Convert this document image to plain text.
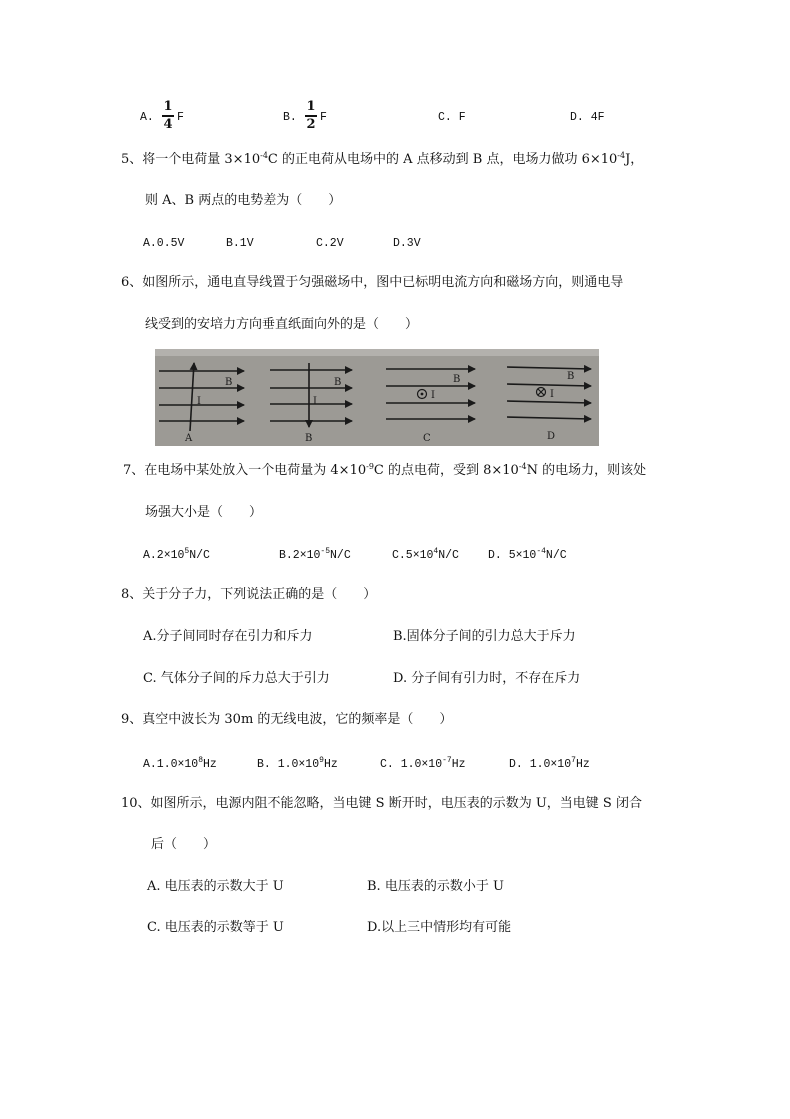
A.
1
4 F	B.
1
2 F	C. F	D. 4F
5、将一个电荷量 $3\times 10^{-4}C$ 的正电荷从电场中的 A 点移动到 B 点，电场力做功 $6\times 10^{-4}J$，
则 A、B 两点的电势差为（　　）
A.0.5V	B.1V	C.2V	D.3V
6、如图所示，通电直导线置于匀强磁场中，图中已标明电流方向和磁场方向，则通电导
线受到的安培力方向垂直纸面向外的是（　　）
B
I
A
B
I
B
B
I
C
B
I
D
7、在电场中某处放入一个电荷量为 $4\times 10^{-9}C$ 的点电荷，受到 $8\times 10^{-4}N$ 的电场力，则该处
场强大小是（　　）
$A.2\times 10^5N/C$	$B.2\times 10^{-5}N/C$	$C.5\times 10^4N/C$	D. $5\times 10^{-4}N/C$
8、关于分子力，下列说法正确的是（　　）
A.分子间同时存在引力和斥力	B.固体分子间的引力总大于斥力
C. 气体分子间的斥力总大于引力	D. 分子间有引力时，不存在斥力
9、真空中波长为 30m 的无线电波，它的频率是（　　）
$A.1.0\times 10^8Hz$	B. $1.0\times 10^9Hz$	C. $1.0\times 10^{-7}Hz$	D. $1.0\times 10^7Hz$
10、如图所示，电源内阻不能忽略，当电键 S 断开时，电压表的示数为 U，当电键 S 闭合
后（　　）
A. 电压表的示数大于 U	B. 电压表的示数小于 U
C. 电压表的示数等于 U	D.以上三中情形均有可能
